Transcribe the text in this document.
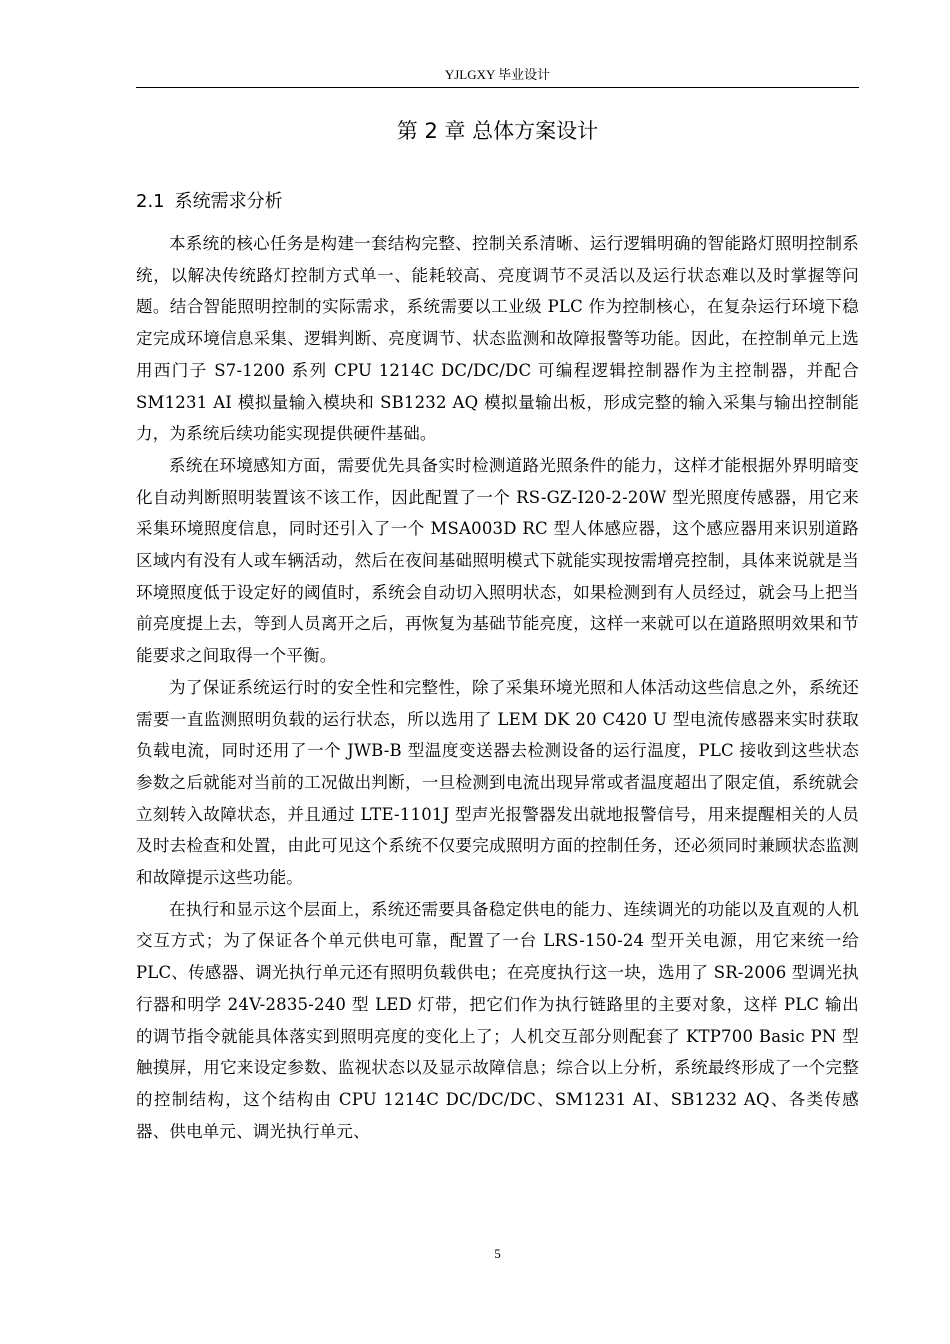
YJLGXY 毕业设计
第 2 章 总体方案设计
2.1 系统需求分析

本系统的核心任务是构建一套结构完整、控制关系清晰、运行逻辑明确的智能路灯照明控制系统，以解决传统路灯控制方式单一、能耗较高、亮度调节不灵活以及运行状态难以及时掌握等问题。结合智能照明控制的实际需求，系统需要以工业级 PLC 作为控制核心，在复杂运行环境下稳定完成环境信息采集、逻辑判断、亮度调节、状态监测和故障报警等功能。因此，在控制单元上选用西门子 S7-1200 系列 CPU 1214C DC/DC/DC 可编程逻辑控制器作为主控制器，并配合 SM1231 AI 模拟量输入模块和 SB1232 AQ 模拟量输出板，形成完整的输入采集与输出控制能力，为系统后续功能实现提供硬件基础。

系统在环境感知方面，需要优先具备实时检测道路光照条件的能力，这样才能根据外界明暗变化自动判断照明装置该不该工作，因此配置了一个 RS-GZ-I20-2-20W 型光照度传感器，用它来采集环境照度信息，同时还引入了一个 MSA003D RC 型人体感应器，这个感应器用来识别道路区域内有没有人或车辆活动，然后在夜间基础照明模式下就能实现按需增亮控制，具体来说就是当环境照度低于设定好的阈值时，系统会自动切入照明状态，如果检测到有人员经过，就会马上把当前亮度提上去，等到人员离开之后，再恢复为基础节能亮度，这样一来就可以在道路照明效果和节能要求之间取得一个平衡。

为了保证系统运行时的安全性和完整性，除了采集环境光照和人体活动这些信息之外，系统还需要一直监测照明负载的运行状态，所以选用了 LEM DK 20 C420 U 型电流传感器来实时获取负载电流，同时还用了一个 JWB-B 型温度变送器去检测设备的运行温度，PLC 接收到这些状态参数之后就能对当前的工况做出判断，一旦检测到电流出现异常或者温度超出了限定值，系统就会立刻转入故障状态，并且通过 LTE-1101J 型声光报警器发出就地报警信号，用来提醒相关的人员及时去检查和处置，由此可见这个系统不仅要完成照明方面的控制任务，还必须同时兼顾状态监测和故障提示这些功能。

在执行和显示这个层面上，系统还需要具备稳定供电的能力、连续调光的功能以及直观的人机交互方式；为了保证各个单元供电可靠，配置了一台 LRS-150-24 型开关电源，用它来统一给 PLC、传感器、调光执行单元还有照明负载供电；在亮度执行这一块，选用了 SR-2006 型调光执行器和明学 24V-2835-240 型 LED 灯带，把它们作为执行链路里的主要对象，这样 PLC 输出的调节指令就能具体落实到照明亮度的变化上了；人机交互部分则配套了 KTP700 Basic PN 型触摸屏，用它来设定参数、监视状态以及显示故障信息；综合以上分析，系统最终形成了一个完整的控制结构，这个结构由 CPU 1214C DC/DC/DC、SM1231 AI、SB1232 AQ、各类传感器、供电单元、调光执行单元、

5
